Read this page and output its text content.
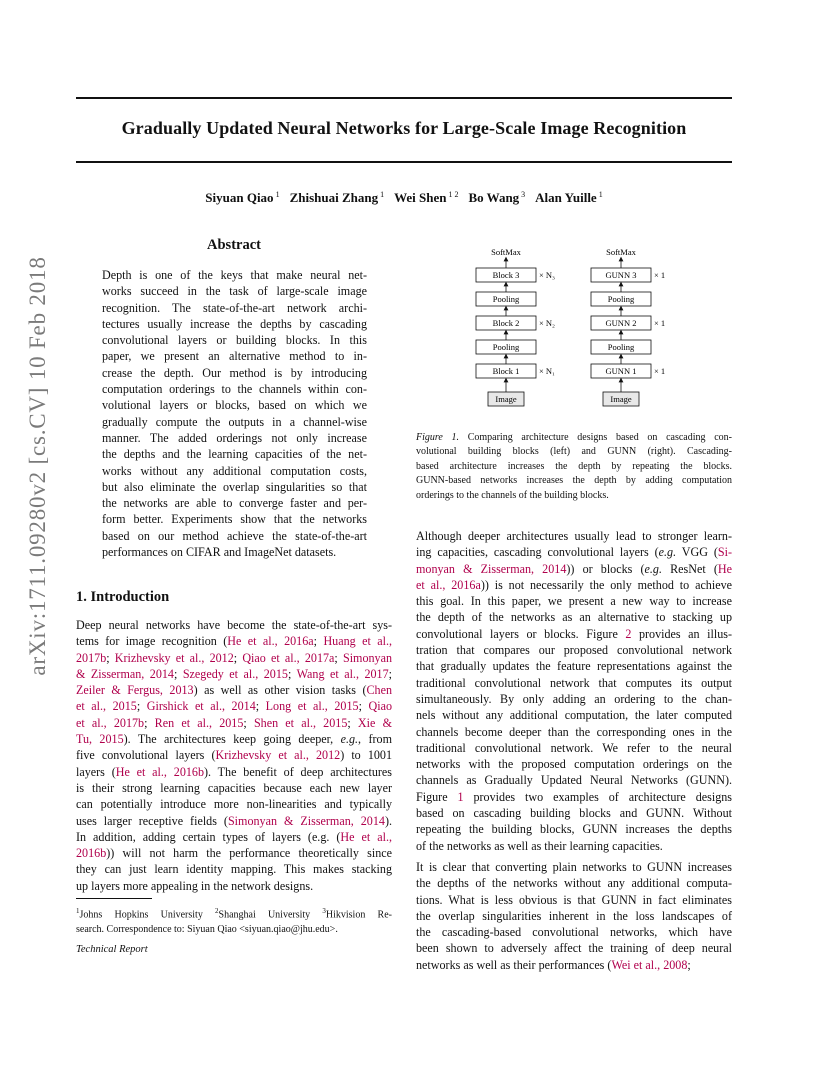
Gradually Updated Neural Networks for Large-Scale Image Recognition
Siyuan Qiao $^1$ Zhishuai Zhang $^1$ Wei Shen $^{1 2}$ Bo Wang $^3$ Alan Yuille $^1$
arXiv:1711.09280v2 [cs.CV] 10 Feb 2018
Abstract
Depth is one of the keys that make neural net-
works succeed in the task of large-scale image
recognition. The state-of-the-art network archi-
tectures usually increase the depths by cascading
convolutional layers or building blocks. In this
paper, we present an alternative method to in-
crease the depth. Our method is by introducing
computation orderings to the channels within con-
volutional layers or blocks, based on which we
gradually compute the outputs in a channel-wise
manner. The added orderings not only increase
the depths and the learning capacities of the net-
works without any additional computation costs,
but also eliminate the overlap singularities so that
the networks are able to converge faster and per-
form better. Experiments show that the networks
based on our method achieve the state-of-the-art
performances on CIFAR and ImageNet datasets.
1. Introduction
Deep neural networks have become the state-of-the-art sys-
tems for image recognition (He et al., 2016a; Huang et al.,
2017b; Krizhevsky et al., 2012; Qiao et al., 2017a; Simonyan
& Zisserman, 2014; Szegedy et al., 2015; Wang et al., 2017;
Zeiler & Fergus, 2013) as well as other vision tasks (Chen
et al., 2015; Girshick et al., 2014; Long et al., 2015; Qiao
et al., 2017b; Ren et al., 2015; Shen et al., 2015; Xie &
Tu, 2015). The architectures keep going deeper, e.g., from
five convolutional layers (Krizhevsky et al., 2012) to 1001
layers (He et al., 2016b). The benefit of deep architectures
is their strong learning capacities because each new layer
can potentially introduce more non-linearities and typically
uses larger receptive fields (Simonyan & Zisserman, 2014).
In addition, adding certain types of layers (e.g. (He et al.,
2016b)) will not harm the performance theoretically since
they can just learn identity mapping. This makes stacking
up layers more appealing in the network designs.
$^1$Johns Hopkins University $^2$Shanghai University $^3$Hikvision Re-
search. Correspondence to: Siyuan Qiao <siyuan.qiao@jhu.edu>.
Technical Report
SoftMax
Block 3 × N₃
Pooling
Block 2 × N₂
Pooling
Block 1 × N₁
Image
SoftMax
GUNN 3 × 1
Pooling
GUNN 2 × 1
Pooling
GUNN 1 × 1
Image
Figure 1. Comparing architecture designs based on cascading con-
volutional building blocks (left) and GUNN (right). Cascading-
based architecture increases the depth by repeating the blocks.
GUNN-based networks increases the depth by adding computation
orderings to the channels of the building blocks.
Although deeper architectures usually lead to stronger learn-
ing capacities, cascading convolutional layers (e.g. VGG (Si-
monyan & Zisserman, 2014)) or blocks (e.g. ResNet (He
et al., 2016a)) is not necessarily the only method to achieve
this goal. In this paper, we present a new way to increase
the depth of the networks as an alternative to stacking up
convolutional layers or blocks. Figure 2 provides an illus-
tration that compares our proposed convolutional network
that gradually updates the feature representations against the
traditional convolutional network that computes its output
simultaneously. By only adding an ordering to the chan-
nels without any additional computation, the later computed
channels become deeper than the corresponding ones in the
traditional convolutional network. We refer to the neural
networks with the proposed computation orderings on the
channels as Gradually Updated Neural Networks (GUNN).
Figure 1 provides two examples of architecture designs
based on cascading building blocks and GUNN. Without
repeating the building blocks, GUNN increases the depths
of the networks as well as their learning capacities.
It is clear that converting plain networks to GUNN increases
the depths of the networks without any additional computa-
tions. What is less obvious is that GUNN in fact eliminates
the overlap singularities inherent in the loss landscapes of
the cascading-based convolutional networks, which have
been shown to adversely affect the training of deep neural
networks as well as their performances (Wei et al., 2008;
